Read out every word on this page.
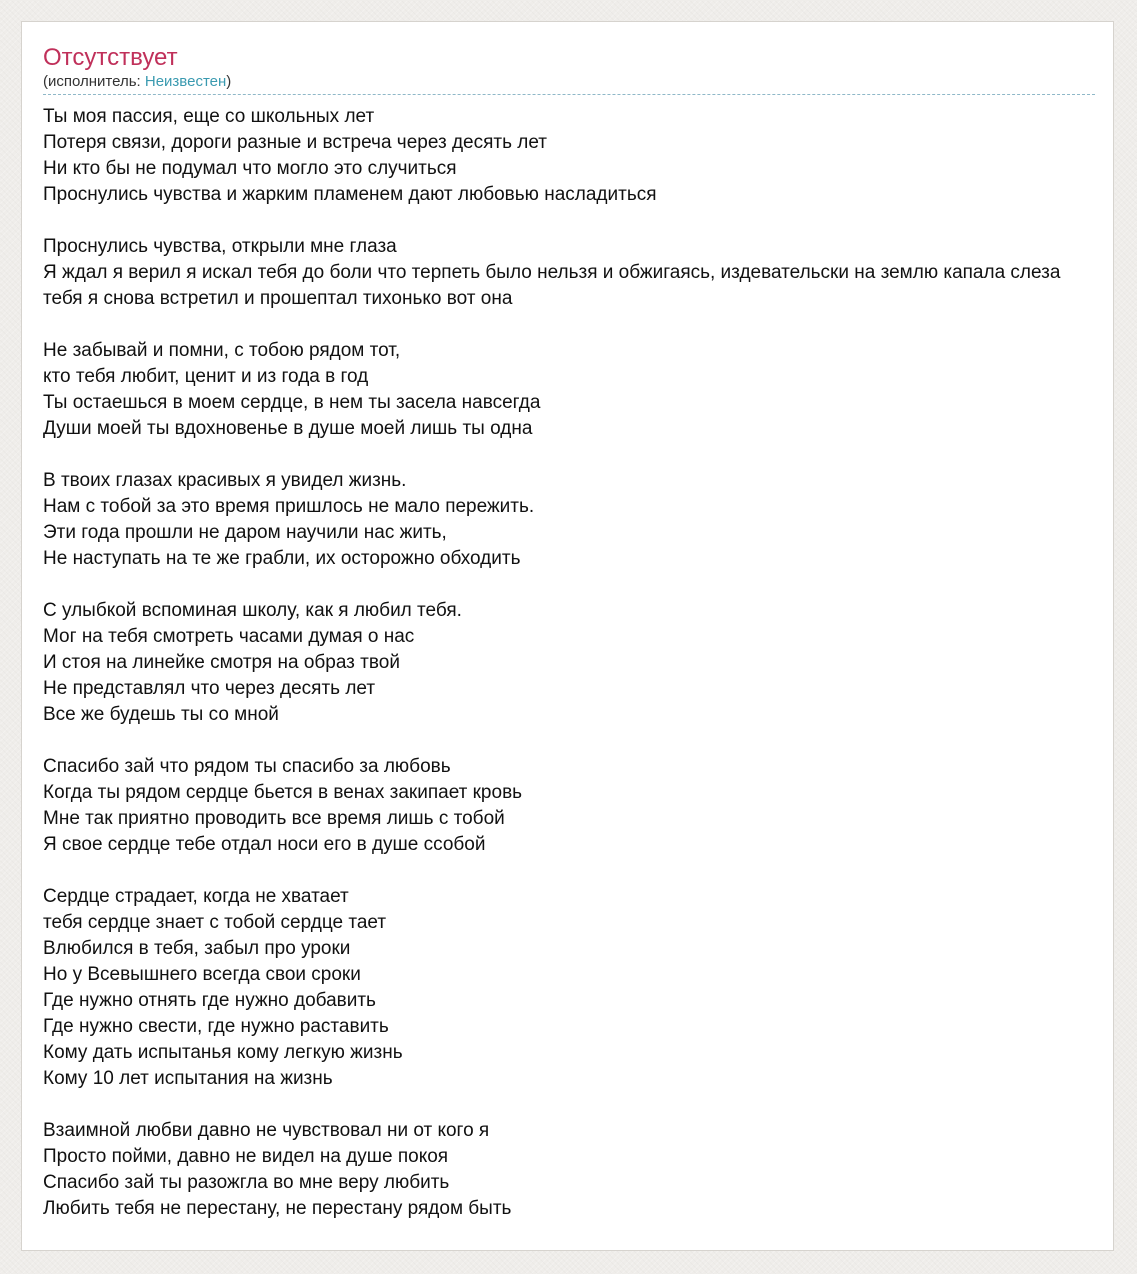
Отсутствует
(исполнитель: Неизвестен)
Ты моя пассия, еще со школьных лет
Потеря связи, дороги разные и встреча через десять лет
Ни кто бы не подумал что могло это случиться
Проснулись чувства и жарким пламенем дают любовью насладиться
Проснулись чувства, открыли мне глаза
Я ждал я верил я искал тебя до боли что терпеть было нельзя и обжигаясь, издевательски на землю капала слеза
тебя я снова встретил и прошептал тихонько вот она
Не забывай и помни, с тобою рядом тот,
кто тебя любит, ценит и из года в год
Ты остаешься в моем сердце, в нем ты засела навсегда
Души моей ты вдохновенье в душе моей лишь ты одна
В твоих глазах красивых я увидел жизнь.
Нам с тобой за это время пришлось не мало пережить.
Эти года прошли не даром научили нас жить,
Не наступать на те же грабли, их осторожно обходить
С улыбкой вспоминая школу, как я любил тебя.
Мог на тебя смотреть часами думая о нас
И стоя на линейке смотря на образ твой
Не представлял что через десять лет
Все же будешь ты со мной
Спасибо зай что рядом ты спасибо за любовь
Когда ты рядом сердце бьется в венах закипает кровь
Мне так приятно проводить все время лишь с тобой
Я свое сердце тебе отдал носи его в душе ссобой
Сердце страдает, когда не хватает
тебя сердце знает с тобой сердце тает
Влюбился в тебя, забыл про уроки
Но у Всевышнего всегда свои сроки
Где нужно отнять где нужно добавить
Где нужно свести, где нужно раставить
Кому дать испытанья кому легкую жизнь
Кому 10 лет испытания на жизнь
Взаимной любви давно не чувствовал ни от кого я
Просто пойми, давно не видел на душе покоя
Спасибо зай ты разожгла во мне веру любить
Любить тебя не перестану, не перестану рядом быть
